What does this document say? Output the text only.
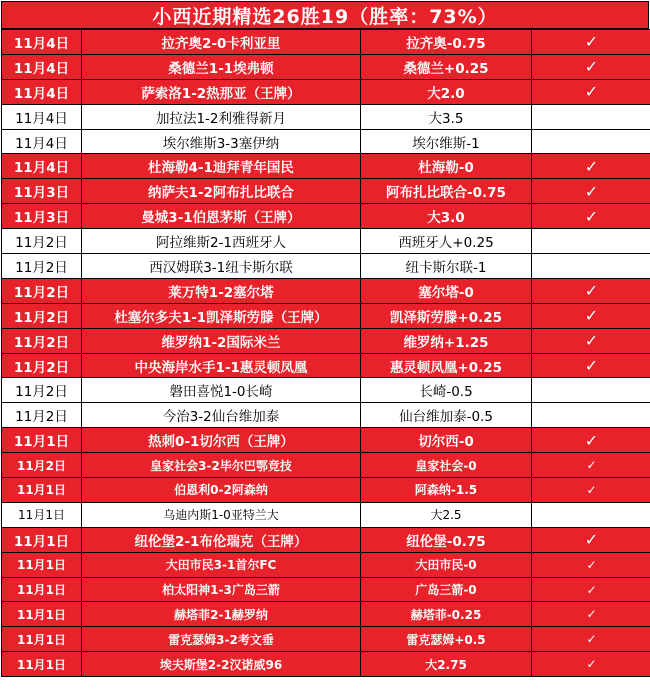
小西近期精选26胜19（胜率：73%）
11月4日	拉齐奥2-0卡利亚里	拉齐奥-0.75	✓
11月4日	桑德兰1-1埃弗顿	桑德兰+0.25	✓
11月4日	萨索洛1-2热那亚（王牌）	大2.0	✓
11月4日	加拉法1-2利雅得新月	大3.5	
11月4日	埃尔维斯3-3塞伊纳	埃尔维斯-1	
11月4日	杜海勒4-1迪拜青年国民	杜海勒-0	✓
11月3日	纳萨夫1-2阿布扎比联合	阿布扎比联合-0.75	✓
11月3日	曼城3-1伯恩茅斯（王牌）	大3.0	✓
11月2日	阿拉维斯2-1西班牙人	西班牙人+0.25	
11月2日	西汉姆联3-1纽卡斯尔联	纽卡斯尔联-1	
11月2日	莱万特1-2塞尔塔	塞尔塔-0	✓
11月2日	杜塞尔多夫1-1凯泽斯劳滕（王牌）	凯泽斯劳滕+0.25	✓
11月2日	维罗纳1-2国际米兰	维罗纳+1.25	✓
11月2日	中央海岸水手1-1惠灵顿凤凰	惠灵顿凤凰+0.25	✓
11月2日	磐田喜悦1-0长崎	长崎-0.5	
11月2日	今治3-2仙台维加泰	仙台维加泰-0.5	
11月1日	热刺0-1切尔西（王牌）	切尔西-0	✓
11月2日	皇家社会3-2毕尔巴鄂竞技	皇家社会-0	✓
11月1日	伯恩利0-2阿森纳	阿森纳-1.5	✓
11月1日	乌迪内斯1-0亚特兰大	大2.5	
11月1日	纽伦堡2-1布伦瑞克（王牌）	纽伦堡-0.75	✓
11月1日	大田市民3-1首尔FC	大田市民-0	✓
11月1日	柏太阳神1-3广岛三箭	广岛三箭-0	✓
11月1日	赫塔菲2-1赫罗纳	赫塔菲-0.25	✓
11月1日	雷克瑟姆3-2考文垂	雷克瑟姆+0.5	✓
11月1日	埃夫斯堡2-2汉诺威96	大2.75	✓
